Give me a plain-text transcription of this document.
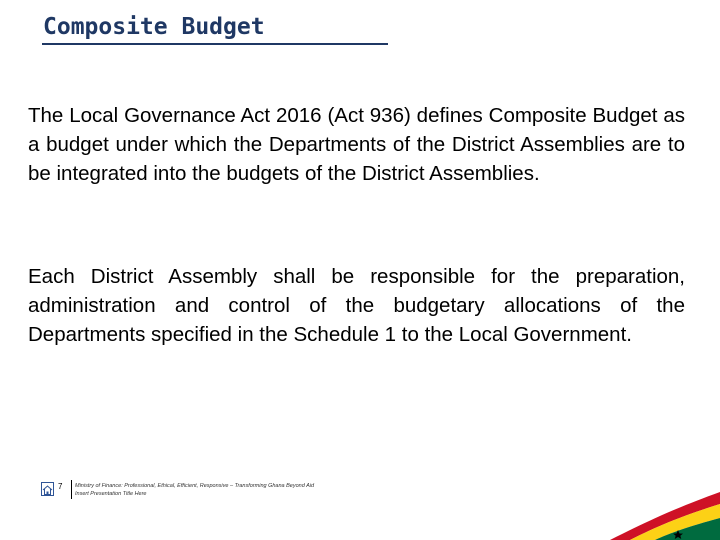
Composite Budget

The Local Governance Act 2016 (Act 936) defines Composite Budget as a budget under which the Departments of the District Assemblies are to be integrated into the budgets of the District Assemblies.

Each District Assembly shall be responsible for the preparation, administration and control of the budgetary allocations of the Departments specified in the Schedule 1 to the Local Government.

7 Ministry of Finance: Professional, Ethical, Efficient, Responsive – Transforming Ghana Beyond Aid
Insert Presentation Title Here
